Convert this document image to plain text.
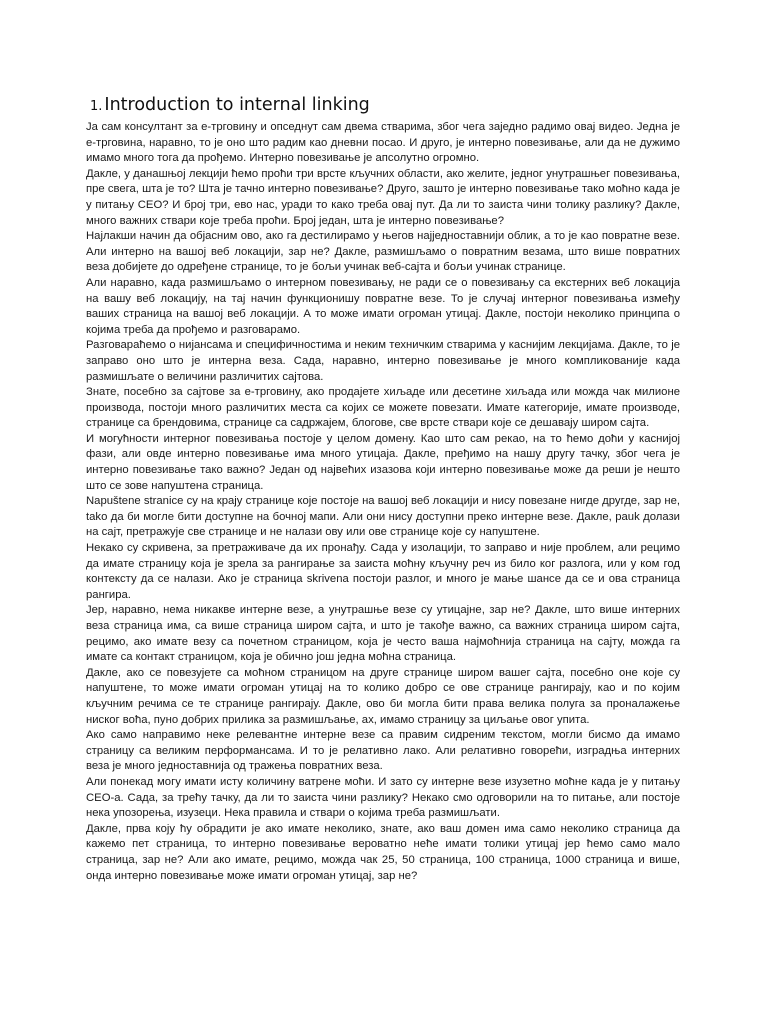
1. Introduction to internal linking

Ја сам консултант за е-трговину и опседнут сам двема стварима, због чега заједно радимо овај видео. Једна је е-трговина, наравно, то је оно што радим као дневни посао. И друго, је интерно повезивање, али да не дужимо имамо много тога да прођемо. Интерно повезивање је апсолутно огромно.

Дакле, у данашњој лекцији ћемо проћи три врсте кључних области, ако желите, једног унутрашњег повезивања, пре свега, шта је то? Шта је тачно интерно повезивање? Друго, зашто је интерно повезивање тако моћно када је у питању СЕО? И број три, ево нас, уради то како треба овај пут. Да ли то заиста чини толику разлику? Дакле, много важних ствари које треба проћи. Број један, шта је интерно повезивање?

Најлакши начин да објасним ово, ако га дестилирамо у његов најједноставнији облик, а то је као повратне везе. Али интерно на вашој веб локацији, зар не? Дакле, размишљамо о повратним везама, што више повратних веза добијете до одређене странице, то је бољи учинак веб-сајта и бољи учинак странице.

Али наравно, када размишљамо о интерном повезивању, не ради се о повезивању са екстерних веб локација на вашу веб локацију, на тај начин функционишу повратне везе. То је случај интерног повезивања између ваших страница на вашој веб локацији. А то може имати огроман утицај. Дакле, постоји неколико принципа о којима треба да прођемо и разговарамо.

Разговараћемо о нијансама и специфичностима и неким техничким стварима у каснијим лекцијама. Дакле, то је заправо оно што је интерна веза. Сада, наравно, интерно повезивање је много компликованије када размишљате о величини различитих сајтова.

Знате, посебно за сајтове за е-трговину, ако продајете хиљаде или десетине хиљада или можда чак милионе производа, постоји много различитих места са којих се можете повезати. Имате категорије, имате производе, странице са брендовима, странице са садржајем, блогове, све врсте ствари које се дешавају широм сајта.

И могућности интерног повезивања постоје у целом домену. Као што сам рекао, на то ћемо доћи у каснијој фази, али овде интерно повезивање има много утицаја. Дакле, пређимо на нашу другу тачку, због чега је интерно повезивање тако важно? Један од највећих изазова који интерно повезивање може да реши је нешто што се зове напуштена страница.

Napuštene stranice су на крају странице које постоје на вашој веб локацији и нису повезане нигде другде, зар не, tako да би могле бити доступне на бочној мапи. Али они нису доступни преко интерне везе. Дакле, pauk долази на сајт, претражује све странице и не налази ову или ове странице које су напуштене.

Некако су скривена, за претраживаче да их пронађу. Сада у изолацији, то заправо и није проблем, али рецимо да имате страницу која је зрела за рангирање за заиста моћну кључну реч из било ког разлога, или у ком год контексту да се налази. Ако је страница skrivena постоји разлог, и много је мање шансе да се и ова страница рангира.

Јер, наравно, нема никакве интерне везе, а унутрашње везе су утицајне, зар не? Дакле, што више интерних веза страница има, са више страница широм сајта, и што је такође важно, са важних страница широм сајта, рецимо, ако имате везу са почетном страницом, која је често ваша најмоћнија страница на сајту, можда га имате са контакт страницом, која је обично још једна моћна страница.

Дакле, ако се повезујете са моћном страницом на друге странице широм вашег сајта, посебно оне које су напуштене, то може имати огроман утицај на то колико добро се ове странице рангирају, као и по којим кључним речима се те странице рангирају. Дакле, ово би могла бити права велика полуга за проналажење ниског воћа, пуно добрих прилика за размишљање, ах, имамо страницу за циљање овог упита.

Ако само направимо неке релевантне интерне везе са правим сидреним текстом, могли бисмо да имамо страницу са великим перформансама. И то је релативно лако. Али релативно говорећи, изградња интерних веза је много једноставнија од тражења повратних веза.

Али понекад могу имати исту количину ватрене моћи. И зато су интерне везе изузетно моћне када је у питању СЕО-а. Сада, за трећу тачку, да ли то заиста чини разлику? Некако смо одговорили на то питање, али постоје нека упозорења, изузеци. Нека правила и ствари о којима треба размишљати.

Дакле, прва коју ћу обрадити је ако имате неколико, знате, ако ваш домен има само неколико страница да кажемо пет страница, то интерно повезивање вероватно неће имати толики утицај јер ћемо само мало страница, зар не? Али ако имате, рецимо, можда чак 25, 50 страница, 100 страница, 1000 страница и више, онда интерно повезивање може имати огроман утицај, зар не?
